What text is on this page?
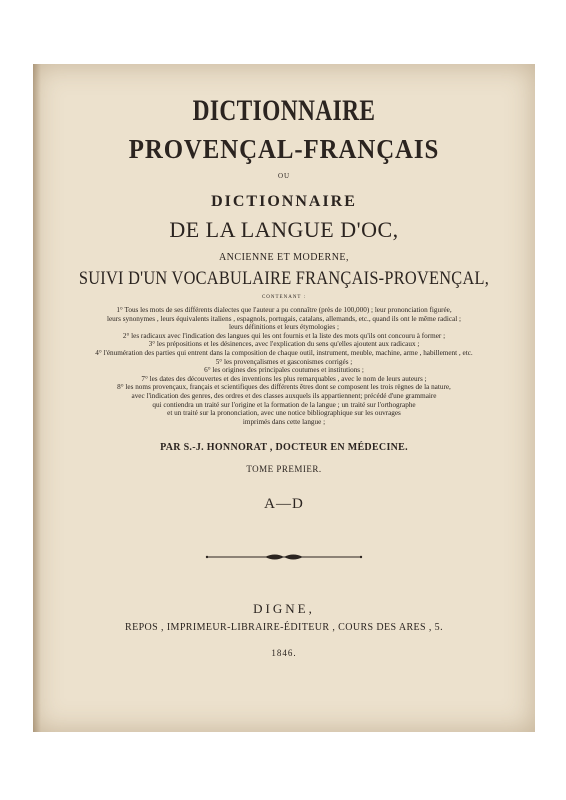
DICTIONNAIRE
PROVENÇAL-FRANÇAIS
OU
DICTIONNAIRE
DE LA LANGUE D'OC,
ANCIENNE ET MODERNE,
SUIVI D'UN VOCABULAIRE FRANÇAIS-PROVENÇAL,
CONTENANT :
1° Tous les mots de ses différents dialectes que l'auteur a pu connaître (près de 100,000) ; leur prononciation figurée,
leurs synonymes , leurs équivalents italiens , espagnols, portugais, catalans, allemands, etc., quand ils ont le même radical ;
leurs définitions et leurs étymologies ;
2° les radicaux avec l'indication des langues qui les ont fournis et la liste des mots qu'ils ont concouru à former ;
3° les prépositions et les désinences, avec l'explication du sens qu'elles ajoutent aux radicaux ;
4° l'énumération des parties qui entrent dans la composition de chaque outil, instrument, meuble, machine, arme , habillement , etc.
5° les provençalismes et gasconismes corrigés ;
6° les origines des principales coutumes et institutions ;
7° les dates des découvertes et des inventions les plus remarquables , avec le nom de leurs auteurs ;
8° les noms provençaux, français et scientifiques des différents êtres dont se composent les trois règnes de la nature,
avec l'indication des genres, des ordres et des classes auxquels ils appartiennent; précédé d'une grammaire
qui contiendra un traité sur l'origine et la formation de la langue ; un traité sur l'orthographe
et un traité sur la prononciation, avec une notice bibliographique sur les ouvrages
imprimés dans cette langue ;
PAR S.-J. HONNORAT , DOCTEUR EN MÉDECINE.
TOME PREMIER.
A—D
DIGNE,
REPOS , IMPRIMEUR-LIBRAIRE-ÉDITEUR , COURS DES ARES , 5.
1846.
